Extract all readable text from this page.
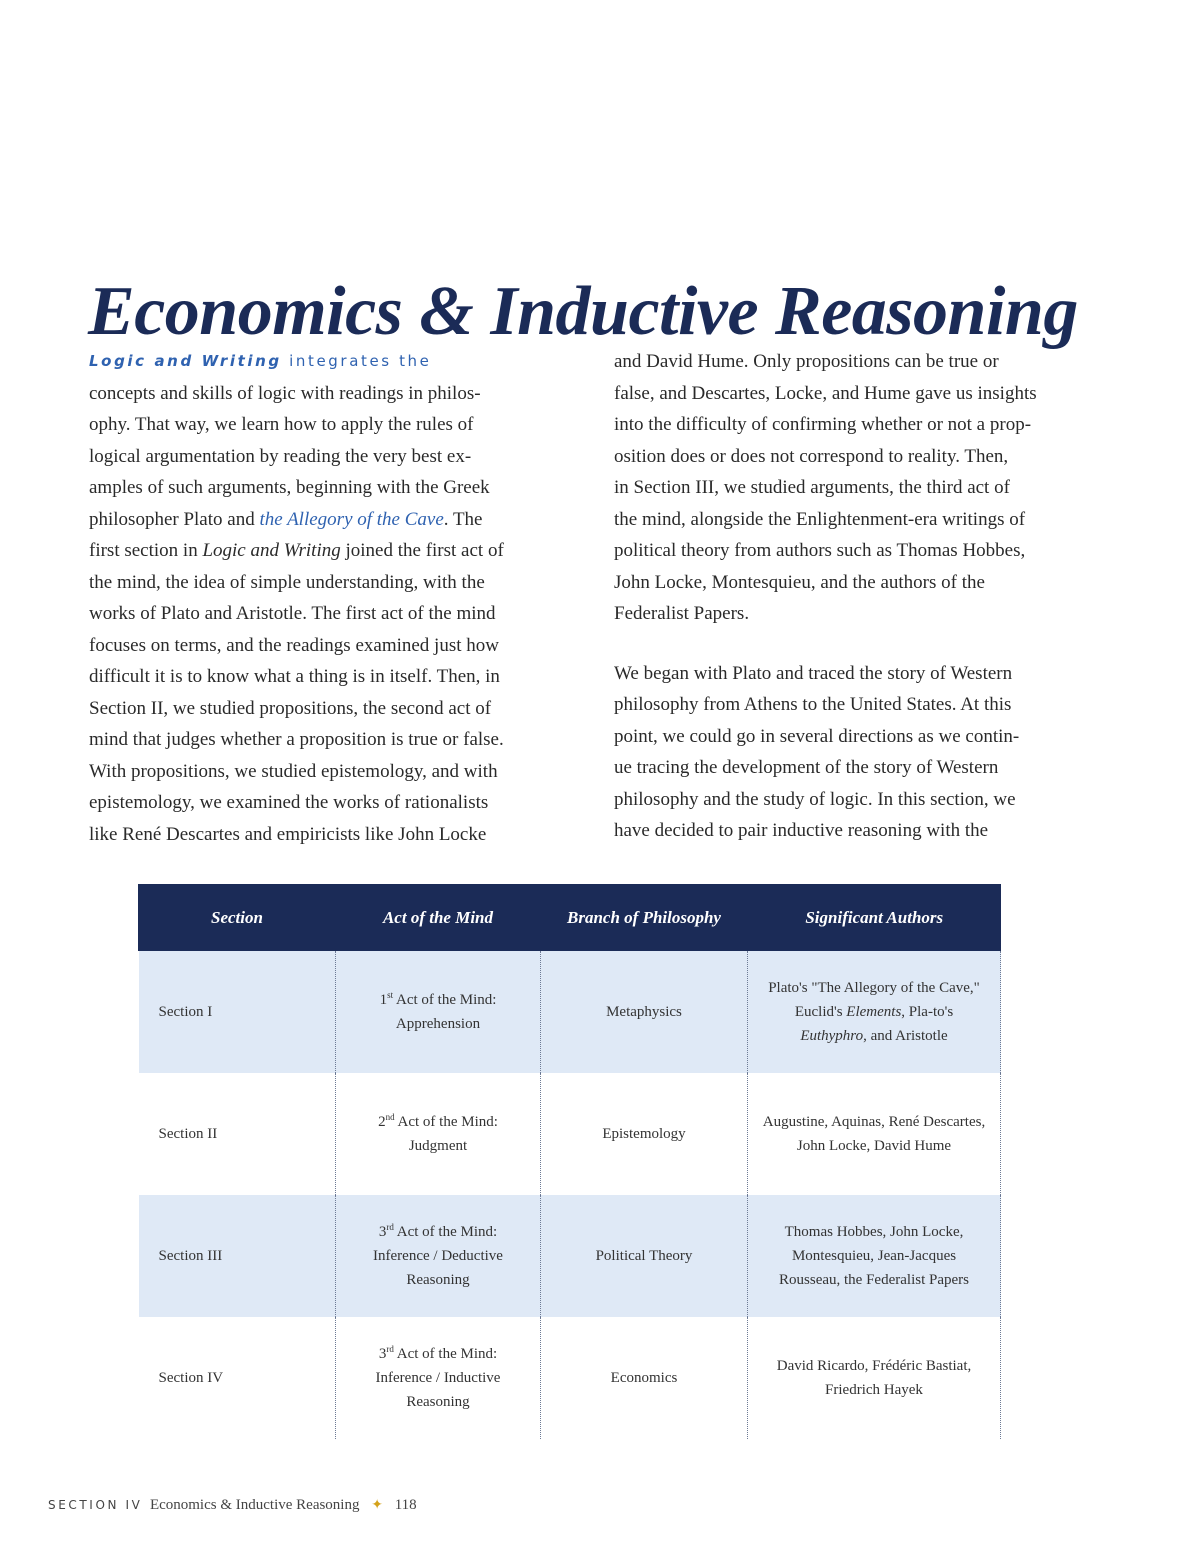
Economics & Inductive Reasoning

Logic and Writing integrates the
concepts and skills of logic with readings in philos-
ophy. That way, we learn how to apply the rules of
logical argumentation by reading the very best ex-
amples of such arguments, beginning with the Greek
philosopher Plato and the Allegory of the Cave. The
first section in Logic and Writing joined the first act of
the mind, the idea of simple understanding, with the
works of Plato and Aristotle. The first act of the mind
focuses on terms, and the readings examined just how
difficult it is to know what a thing is in itself. Then, in
Section II, we studied propositions, the second act of
mind that judges whether a proposition is true or false.
With propositions, we studied epistemology, and with
epistemology, we examined the works of rationalists
like René Descartes and empiricists like John Locke

and David Hume. Only propositions can be true or
false, and Descartes, Locke, and Hume gave us insights
into the difficulty of confirming whether or not a prop-
osition does or does not correspond to reality. Then,
in Section III, we studied arguments, the third act of
the mind, alongside the Enlightenment-era writings of
political theory from authors such as Thomas Hobbes,
John Locke, Montesquieu, and the authors of the
Federalist Papers.

We began with Plato and traced the story of Western
philosophy from Athens to the United States. At this
point, we could go in several directions as we contin-
ue tracing the development of the story of Western
philosophy and the study of logic. In this section, we
have decided to pair inductive reasoning with the

Section	Act of the Mind	Branch of Philosophy	Significant Authors
Section I	1st Act of the Mind:
Apprehension	Metaphysics	Plato's "The Allegory of the Cave," Euclid's Elements, Pla-to's Euthyphro, and Aristotle
Section II	2nd Act of the Mind:
Judgment	Epistemology	Augustine, Aquinas, René Descartes, John Locke, David Hume
Section III	3rd Act of the Mind:
Inference / Deductive Reasoning	Political Theory	Thomas Hobbes, John Locke, Montesquieu, Jean-Jacques Rousseau, the Federalist Papers
Section IV	3rd Act of the Mind:
Inference / Inductive Reasoning	Economics	David Ricardo, Frédéric Bastiat, Friedrich Hayek
SECTION IV Economics & Inductive Reasoning ✦ 118
